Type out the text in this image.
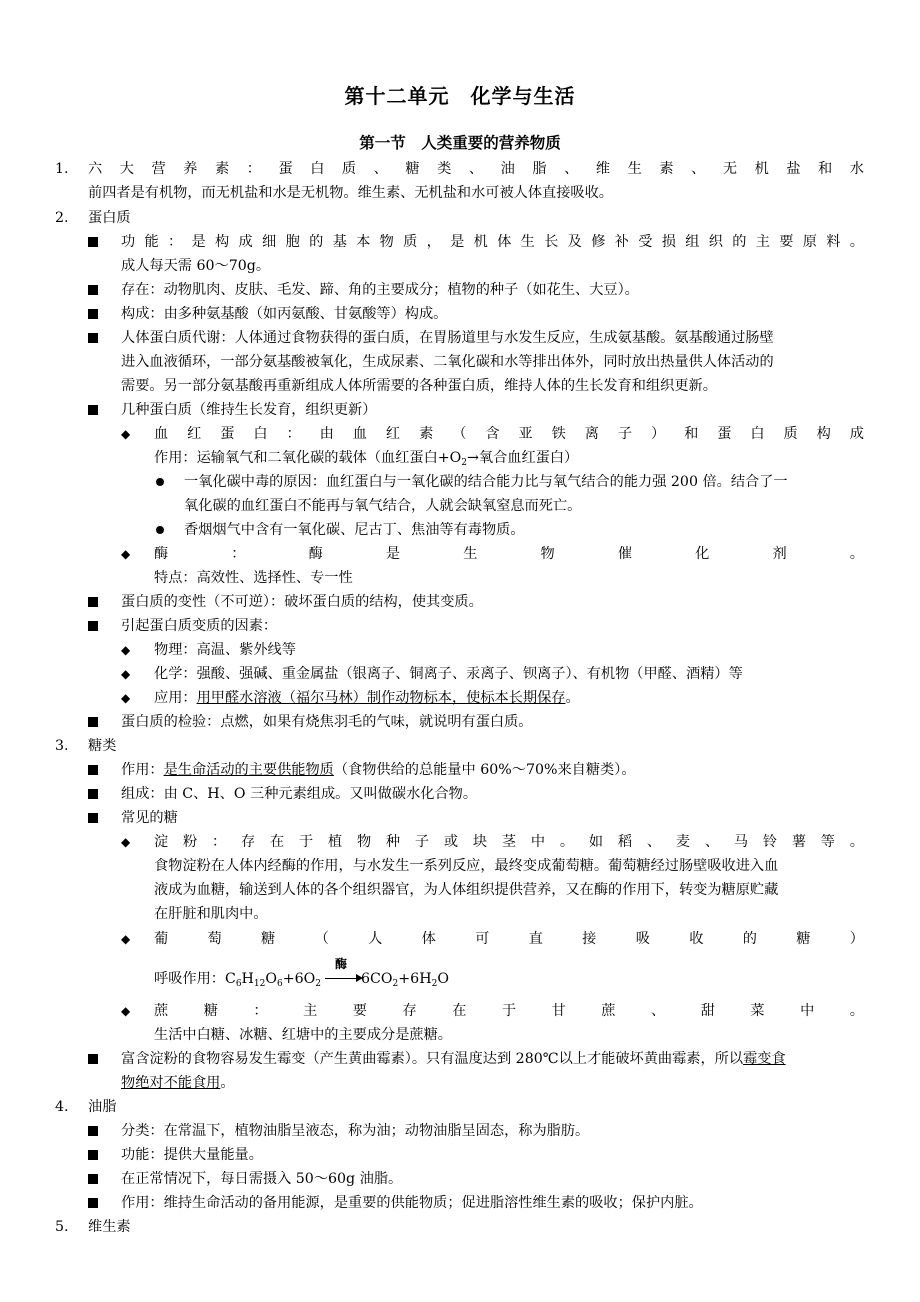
第十二单元　化学与生活
第一节　人类重要的营养物质
1. 六大营养素：蛋白质、糖类、油脂、维生素、无机盐和水
前四者是有机物，而无机盐和水是无机物。维生素、无机盐和水可被人体直接吸收。
2. 蛋白质
功能：是构成细胞的基本物质，是机体生长及修补受损组织的主要原料。
成人每天需 60～70g。
存在：动物肌肉、皮肤、毛发、蹄、角的主要成分；植物的种子（如花生、大豆）。
构成：由多种氨基酸（如丙氨酸、甘氨酸等）构成。
人体蛋白质代谢：人体通过食物获得的蛋白质，在胃肠道里与水发生反应，生成氨基酸。氨基酸通过肠壁
进入血液循环，一部分氨基酸被氧化，生成尿素、二氧化碳和水等排出体外，同时放出热量供人体活动的
需要。另一部分氨基酸再重新组成人体所需要的各种蛋白质，维持人体的生长发育和组织更新。
几种蛋白质（维持生长发育，组织更新）
◆ 血红蛋白：由血红素（含亚铁离子）和蛋白质构成
作用：运输氧气和二氧化碳的载体（血红蛋白$+O_2\to$氧合血红蛋白）
一氧化碳中毒的原因：血红蛋白与一氧化碳的结合能力比与氧气结合的能力强 200 倍。结合了一
氧化碳的血红蛋白不能再与氧气结合，人就会缺氧窒息而死亡。
香烟烟气中含有一氧化碳、尼古丁、焦油等有毒物质。
◆ 酶：酶是生物催化剂。
特点：高效性、选择性、专一性
蛋白质的变性（不可逆）：破坏蛋白质的结构，使其变质。
引起蛋白质变质的因素：
◆ 物理：高温、紫外线等
◆ 化学：强酸、强碱、重金属盐（银离子、铜离子、汞离子、钡离子）、有机物（甲醛、酒精）等
◆ 应用：用甲醛水溶液（福尔马林）制作动物标本，使标本长期保存。
蛋白质的检验：点燃，如果有烧焦羽毛的气味，就说明有蛋白质。
3. 糖类
作用：是生命活动的主要供能物质（食物供给的总能量中 60%～70%来自糖类）。
组成：由 C、H、O 三种元素组成。又叫做碳水化合物。
常见的糖
◆ 淀粉：存在于植物种子或块茎中。如稻、麦、马铃薯等。
食物淀粉在人体内经酶的作用，与水发生一系列反应，最终变成葡萄糖。葡萄糖经过肠壁吸收进入血
液成为血糖，输送到人体的各个组织器官，为人体组织提供营养，又在酶的作用下，转变为糖原贮藏
在肝脏和肌肉中。
◆ 葡萄糖（人体可直接吸收的糖）
呼吸作用：$C_6H_{12}O_6+6O_2$	$6CO_2+6H_2O$
酶
◆ 蔗糖：主要存在于甘蔗、甜菜中。
生活中白糖、冰糖、红塘中的主要成分是蔗糖。
富含淀粉的食物容易发生霉变（产生黄曲霉素）。只有温度达到 280℃以上才能破坏黄曲霉素，所以霉变食
物绝对不能食用。
4. 油脂
分类：在常温下，植物油脂呈液态，称为油；动物油脂呈固态，称为脂肪。
功能：提供大量能量。
在正常情况下，每日需摄入 50～60g 油脂。
作用：维持生命活动的备用能源，是重要的供能物质；促进脂溶性维生素的吸收；保护内脏。
5. 维生素
